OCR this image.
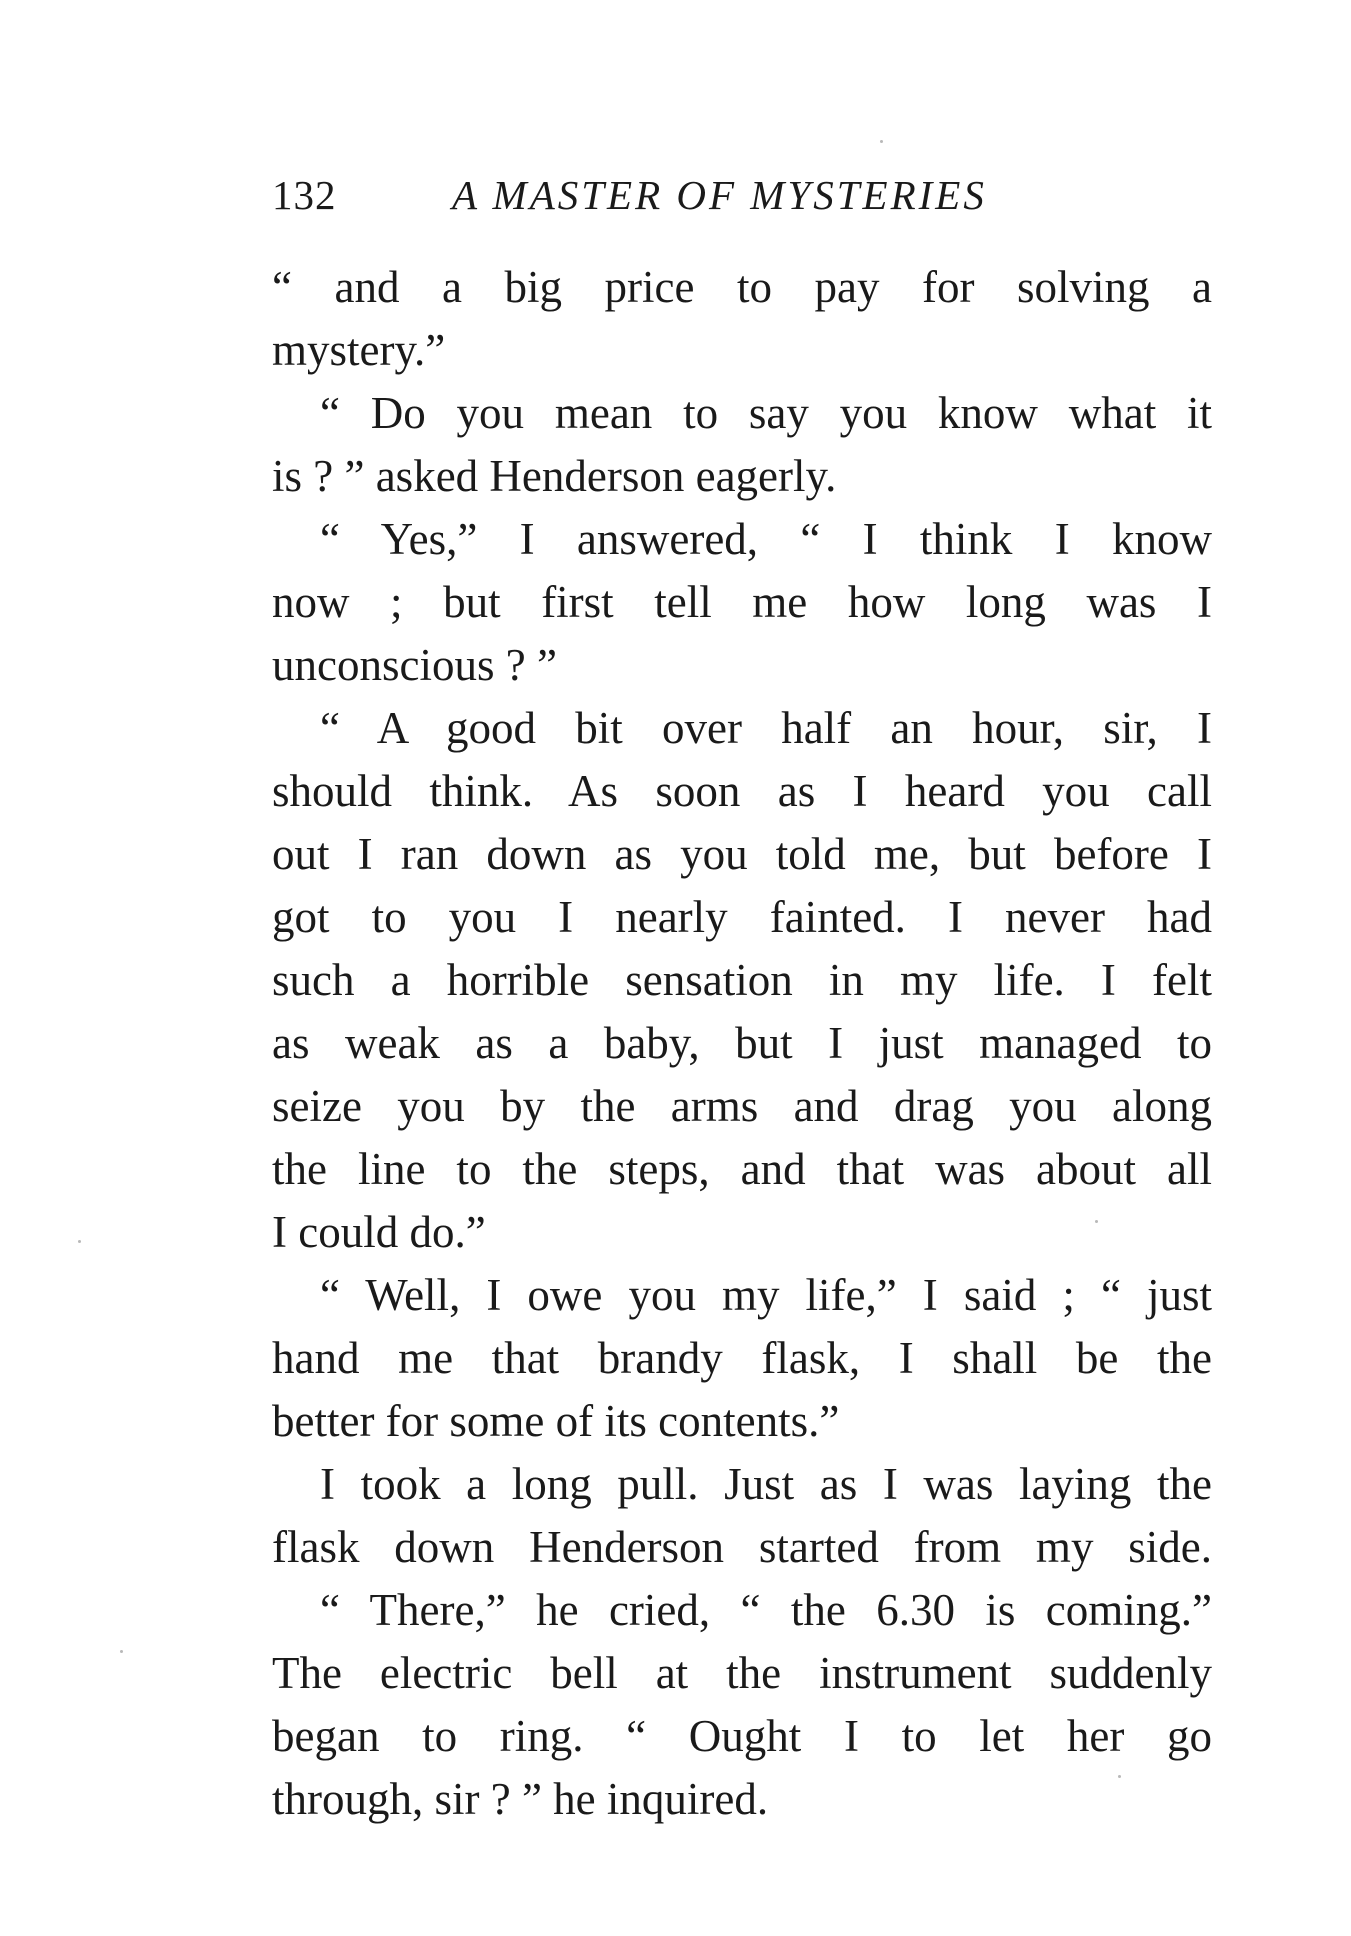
132	A MASTER OF MYSTERIES
“ and a big price to pay for solving a
mystery.”
“ Do you mean to say you know what it
is ? ” asked Henderson eagerly.
“ Yes,” I answered, “ I think I know
now ; but first tell me how long was I
unconscious ? ”
“ A good bit over half an hour, sir, I
should think. As soon as I heard you call
out I ran down as you told me, but before I
got to you I nearly fainted. I never had
such a horrible sensation in my life. I felt
as weak as a baby, but I just managed to
seize you by the arms and drag you along
the line to the steps, and that was about all
I could do.”
“ Well, I owe you my life,” I said ; “ just
hand me that brandy flask, I shall be the
better for some of its contents.”
I took a long pull. Just as I was laying the
flask down Henderson started from my side.
“ There,” he cried, “ the 6.30 is coming.”
The electric bell at the instrument suddenly
began to ring. “ Ought I to let her go
through, sir ? ” he inquired.
